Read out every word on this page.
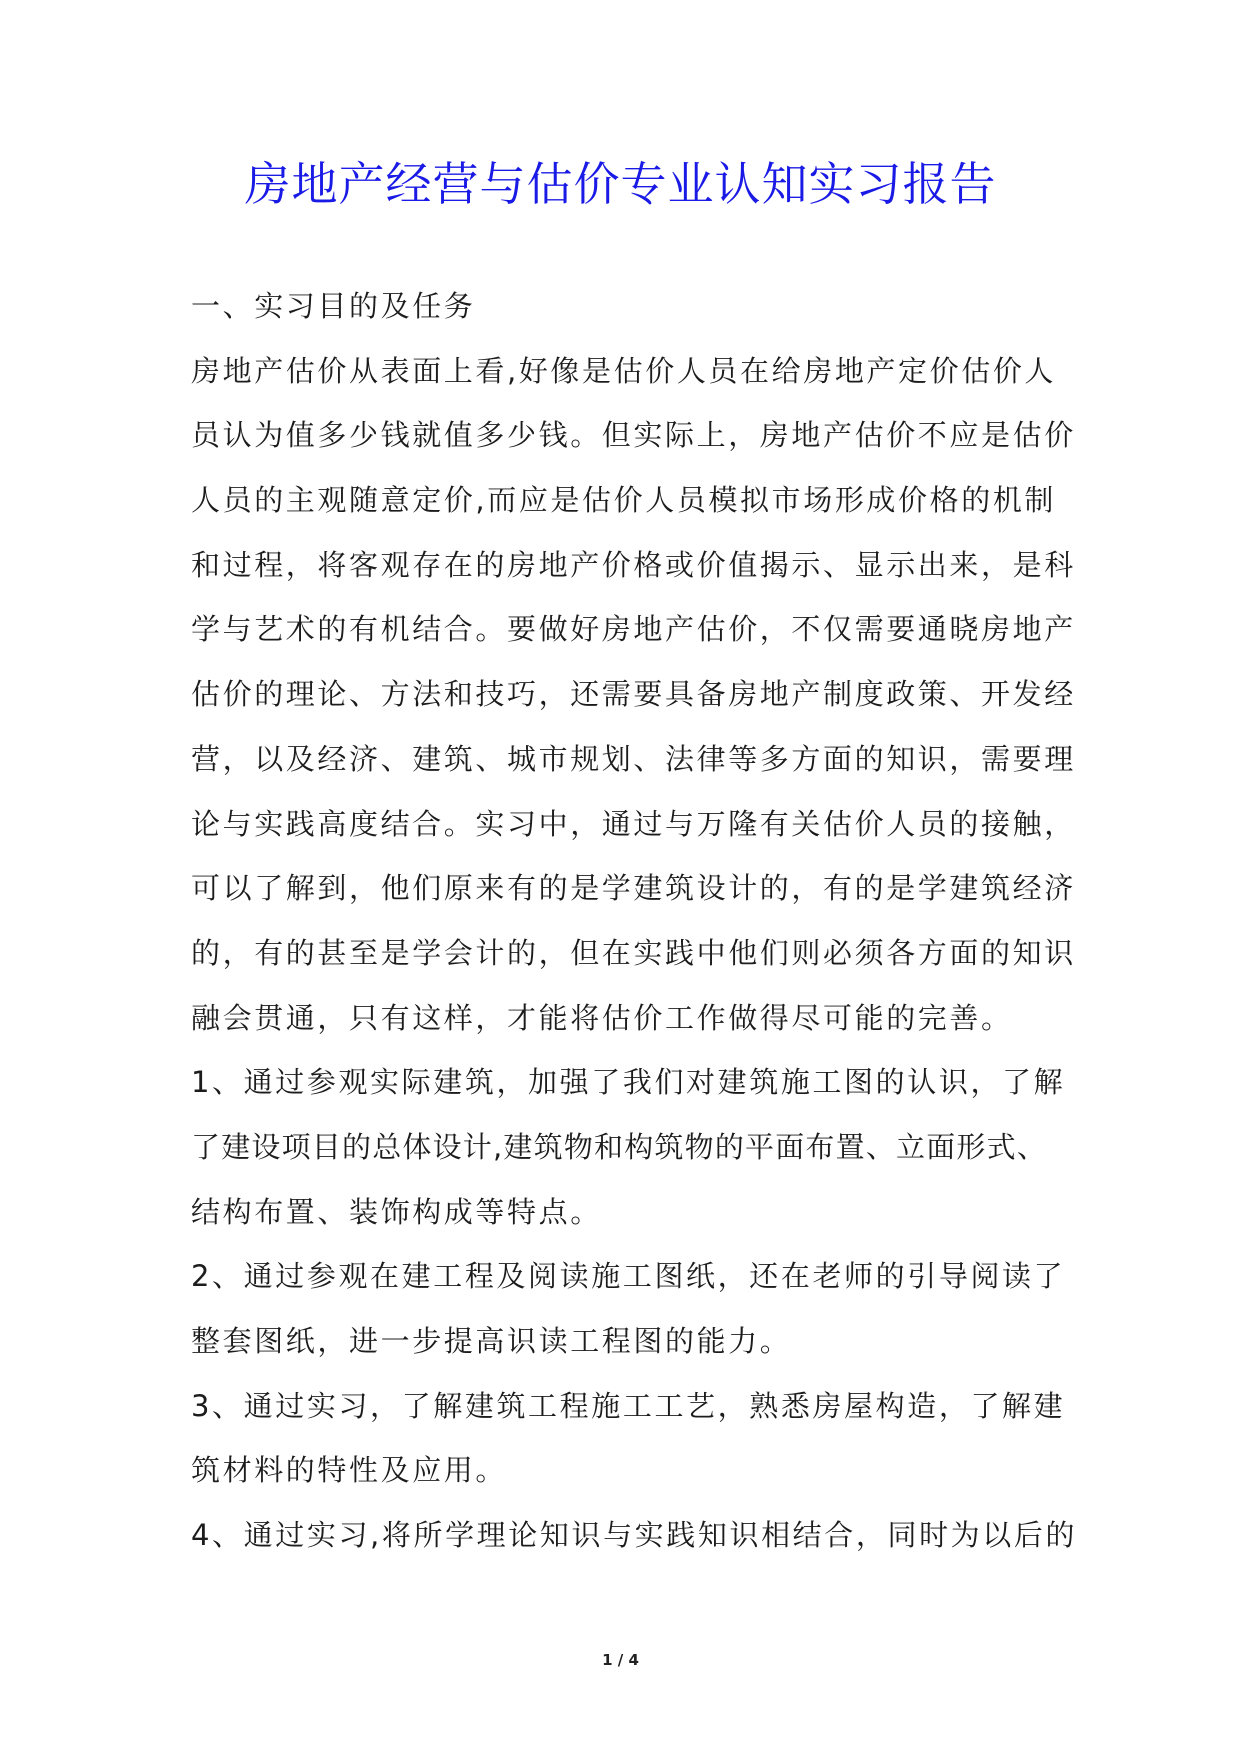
房地产经营与估价专业认知实习报告
一、实习目的及任务
房地产估价从表面上看,好像是估价人员在给房地产定价估价人
员认为值多少钱就值多少钱。但实际上，房地产估价不应是估价
人员的主观随意定价,而应是估价人员模拟市场形成价格的机制
和过程，将客观存在的房地产价格或价值揭示、显示出来，是科
学与艺术的有机结合。要做好房地产估价，不仅需要通晓房地产
估价的理论、方法和技巧，还需要具备房地产制度政策、开发经
营，以及经济、建筑、城市规划、法律等多方面的知识，需要理
论与实践高度结合。实习中，通过与万隆有关估价人员的接触，
可以了解到，他们原来有的是学建筑设计的，有的是学建筑经济
的，有的甚至是学会计的，但在实践中他们则必须各方面的知识
融会贯通，只有这样，才能将估价工作做得尽可能的完善。
1、通过参观实际建筑，加强了我们对建筑施工图的认识，了解
了建设项目的总体设计,建筑物和构筑物的平面布置、立面形式、
结构布置、装饰构成等特点。
2、通过参观在建工程及阅读施工图纸，还在老师的引导阅读了
整套图纸，进一步提高识读工程图的能力。
3、通过实习，了解建筑工程施工工艺，熟悉房屋构造，了解建
筑材料的特性及应用。
4、通过实习,将所学理论知识与实践知识相结合，同时为以后的
1 / 4
